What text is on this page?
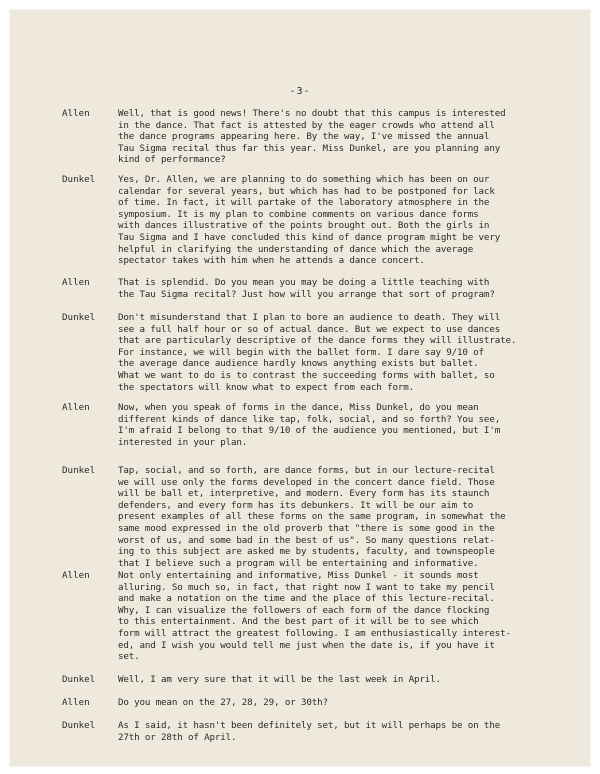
-3-
Allen	Well, that is good news! There's no doubt that this campus is interested
in the dance. That fact is attested by the eager crowds who attend all
the dance programs appearing here. By the way, I've missed the annual
Tau Sigma recital thus far this year. Miss Dunkel, are you planning any
kind of performance?
Dunkel Yes, Dr. Allen, we are planning to do something which has been on our
calendar for several years, but which has had to be postponed for lack
of time. In fact, it will partake of the laboratory atmosphere in the
symposium. It is my plan to combine comments on various dance forms
with dances illustrative of the points brought out. Both the girls in
Tau Sigma and I have concluded this kind of dance program might be very
helpful in clarifying the understanding of dance which the average
spectator takes with him when he attends a dance concert.
Allen	That is splendid. Do you mean you may be doing a little teaching with
the Tau Sigma recital? Just how will you arrange that sort of program?
Dunkel Don't misunderstand that I plan to bore an audience to death. They will
see a full half hour or so of actual dance. But we expect to use dances
that are particularly descriptive of the dance forms they will illustrate.
For instance, we will begin with the ballet form. I dare say 9/10 of
the average dance audience hardly knows anything exists but ballet.
What we want to do is to contrast the succeeding forms with ballet, so
the spectators will know what to expect from each form.
Allen	Now, when you speak of forms in the dance, Miss Dunkel, do you mean
different kinds of dance like tap, folk, social, and so forth? You see,
I'm afraid I belong to that 9/10 of the audience you mentioned, but I'm
interested in your plan.
Dunkel Tap, social, and so forth, are dance forms, but in our lecture-recital
we will use only the forms developed in the concert dance field. Those
will be ball et, interpretive, and modern. Every form has its staunch
defenders, and every form has its debunkers. It will be our aim to
present examples of all these forms on the same program, in somewhat the
same mood expressed in the old proverb that "there is some good in the
worst of us, and some bad in the best of us". So many questions relat-
ing to this subject are asked me by students, faculty, and townspeople
that I believe such a program will be entertaining and informative.
Allen	Not only entertaining and informative, Miss Dunkel - it sounds most
alluring. So much so, in fact, that right now I want to take my pencil
and make a notation on the time and the place of this lecture-recital.
Why, I can visualize the followers of each form of the dance flocking
to this entertainment. And the best part of it will be to see which
form will attract the greatest following. I am enthusiastically interest-
ed, and I wish you would tell me just when the date is, if you have it
set.
Dunkel Well, I am very sure that it will be the last week in April.
Allen	Do you mean on the 27, 28, 29, or 30th?
Dunkel As I said, it hasn't been definitely set, but it will perhaps be on the
27th or 28th of April.
